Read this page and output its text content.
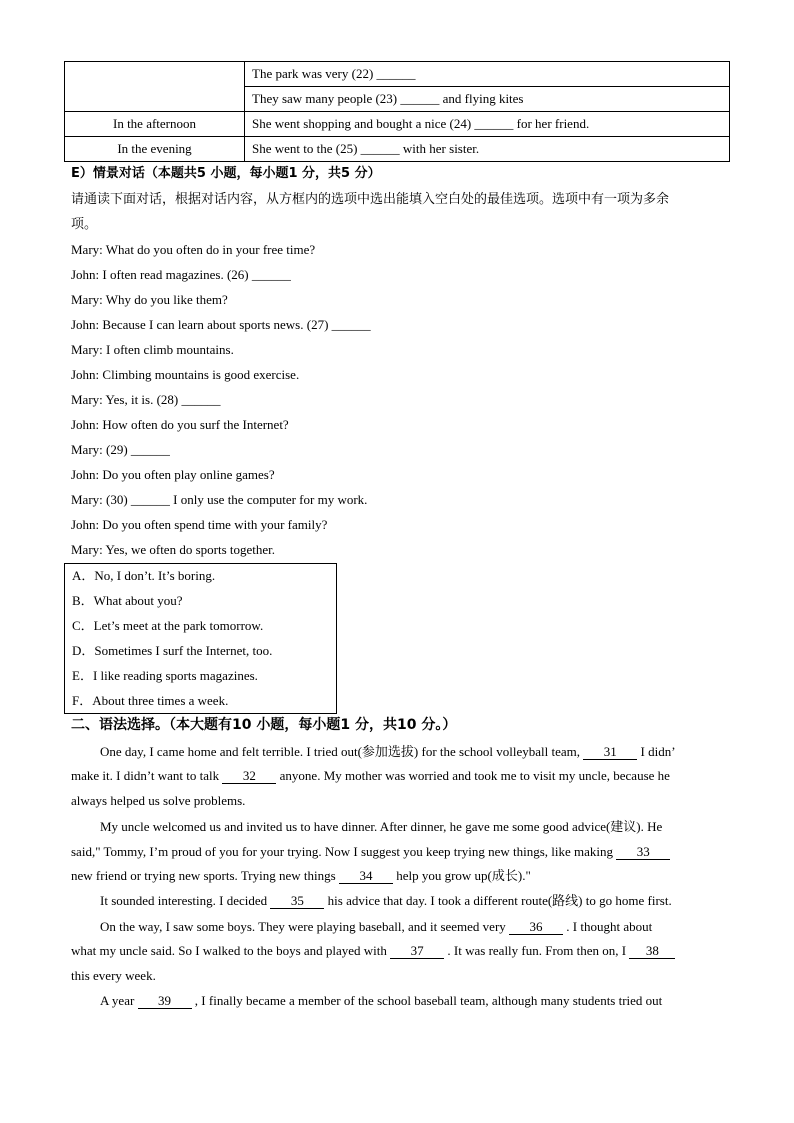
	The park was very (22) ______
	They saw many people (23) ______ and flying kites
In the afternoon	She went shopping and bought a nice (24) ______ for her friend.
In the evening	She went to the (25) ______ with her sister.
E）情景对话（本题共5 小题，每小题1 分，共5 分）
请通读下面对话，根据对话内容，从方框内的选项中选出能填入空白处的最佳选项。选项中有一项为多余
项。
Mary: What do you often do in your free time?
John: I often read magazines. (26) ______
Mary: Why do you like them?
John: Because I can learn about sports news. (27) ______
Mary: I often climb mountains.
John: Climbing mountains is good exercise.
Mary: Yes, it is. (28) ______
John: How often do you surf the Internet?
Mary: (29) ______
John: Do you often play online games?
Mary: (30) ______ I only use the computer for my work.
John: Do you often spend time with your family?
Mary: Yes, we often do sports together.
A．No, I don’t. It’s boring.
B．What about you?
C．Let’s meet at the park tomorrow.
D．Sometimes I surf the Internet, too.
E．I like reading sports magazines.
F．About three times a week.
二、语法选择。（本大题有10 小题，每小题1 分，共10 分。）
One day, I came home and felt terrible. I tried out(参加选拔) for the school volleyball team, 31 I didn’
make it. I didn’t want to talk 32 anyone. My mother was worried and took me to visit my uncle, because he
always helped us solve problems.
My uncle welcomed us and invited us to have dinner. After dinner, he gave me some good advice(建议). He
said," Tommy, I’m proud of you for your trying. Now I suggest you keep trying new things, like making 33
new friend or trying new sports. Trying new things 34 help you grow up(成长)."
It sounded interesting. I decided 35 his advice that day. I took a different route(路线) to go home first.
On the way, I saw some boys. They were playing baseball, and it seemed very 36 . I thought about
what my uncle said. So I walked to the boys and played with 37 . It was really fun. From then on, I 38
this every week.
A year 39 , I finally became a member of the school baseball team, although many students tried out
